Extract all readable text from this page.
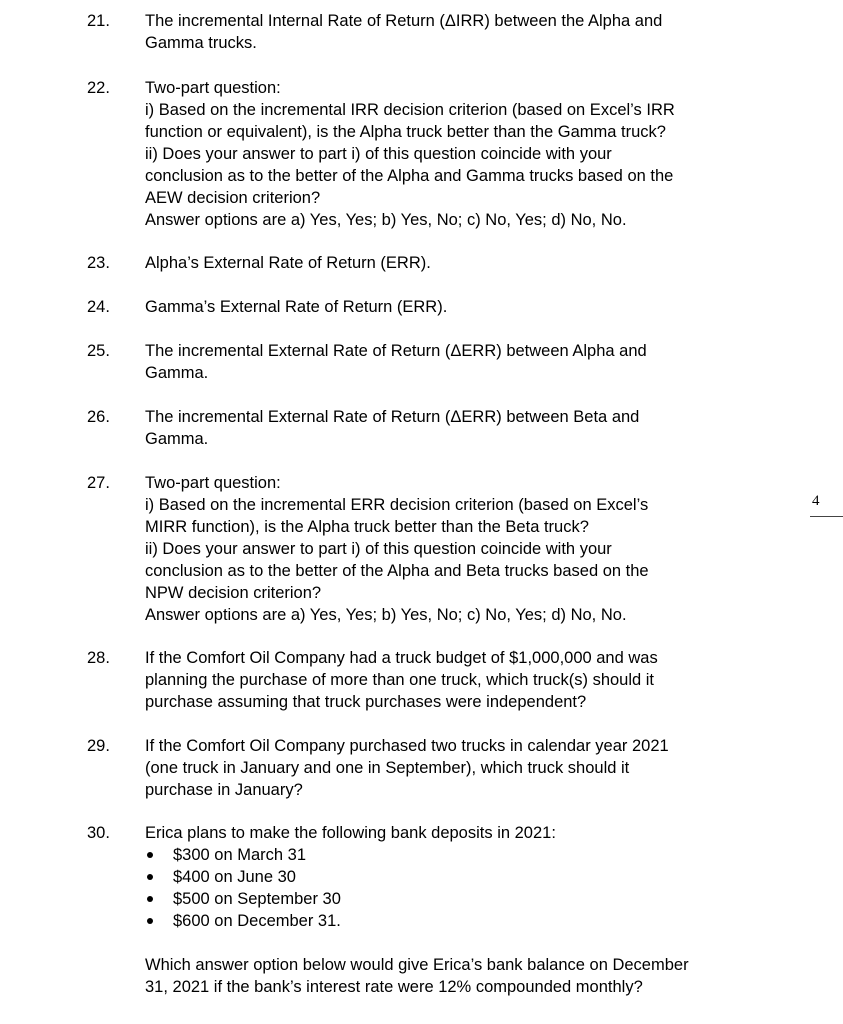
21. The incremental Internal Rate of Return (ΔIRR) between the Alpha and
Gamma trucks.
22. Two-part question:
i) Based on the incremental IRR decision criterion (based on Excel’s IRR
function or equivalent), is the Alpha truck better than the Gamma truck?
ii) Does your answer to part i) of this question coincide with your
conclusion as to the better of the Alpha and Gamma trucks based on the
AEW decision criterion?
Answer options are a) Yes, Yes; b) Yes, No; c) No, Yes; d) No, No.
23. Alpha’s External Rate of Return (ERR).
24. Gamma’s External Rate of Return (ERR).
25. The incremental External Rate of Return (ΔERR) between Alpha and
Gamma.
26. The incremental External Rate of Return (ΔERR) between Beta and
Gamma.
27. Two-part question:
i) Based on the incremental ERR decision criterion (based on Excel’s
MIRR function), is the Alpha truck better than the Beta truck?
ii) Does your answer to part i) of this question coincide with your
conclusion as to the better of the Alpha and Beta trucks based on the
NPW decision criterion?
Answer options are a) Yes, Yes; b) Yes, No; c) No, Yes; d) No, No.
28. If the Comfort Oil Company had a truck budget of $1,000,000 and was
planning the purchase of more than one truck, which truck(s) should it
purchase assuming that truck purchases were independent?
29. If the Comfort Oil Company purchased two trucks in calendar year 2021
(one truck in January and one in September), which truck should it
purchase in January?
30. Erica plans to make the following bank deposits in 2021:
$300 on March 31
$400 on June 30
$500 on September 30
$600 on December 31.
Which answer option below would give Erica’s bank balance on December
31, 2021 if the bank’s interest rate were 12% compounded monthly?
4
